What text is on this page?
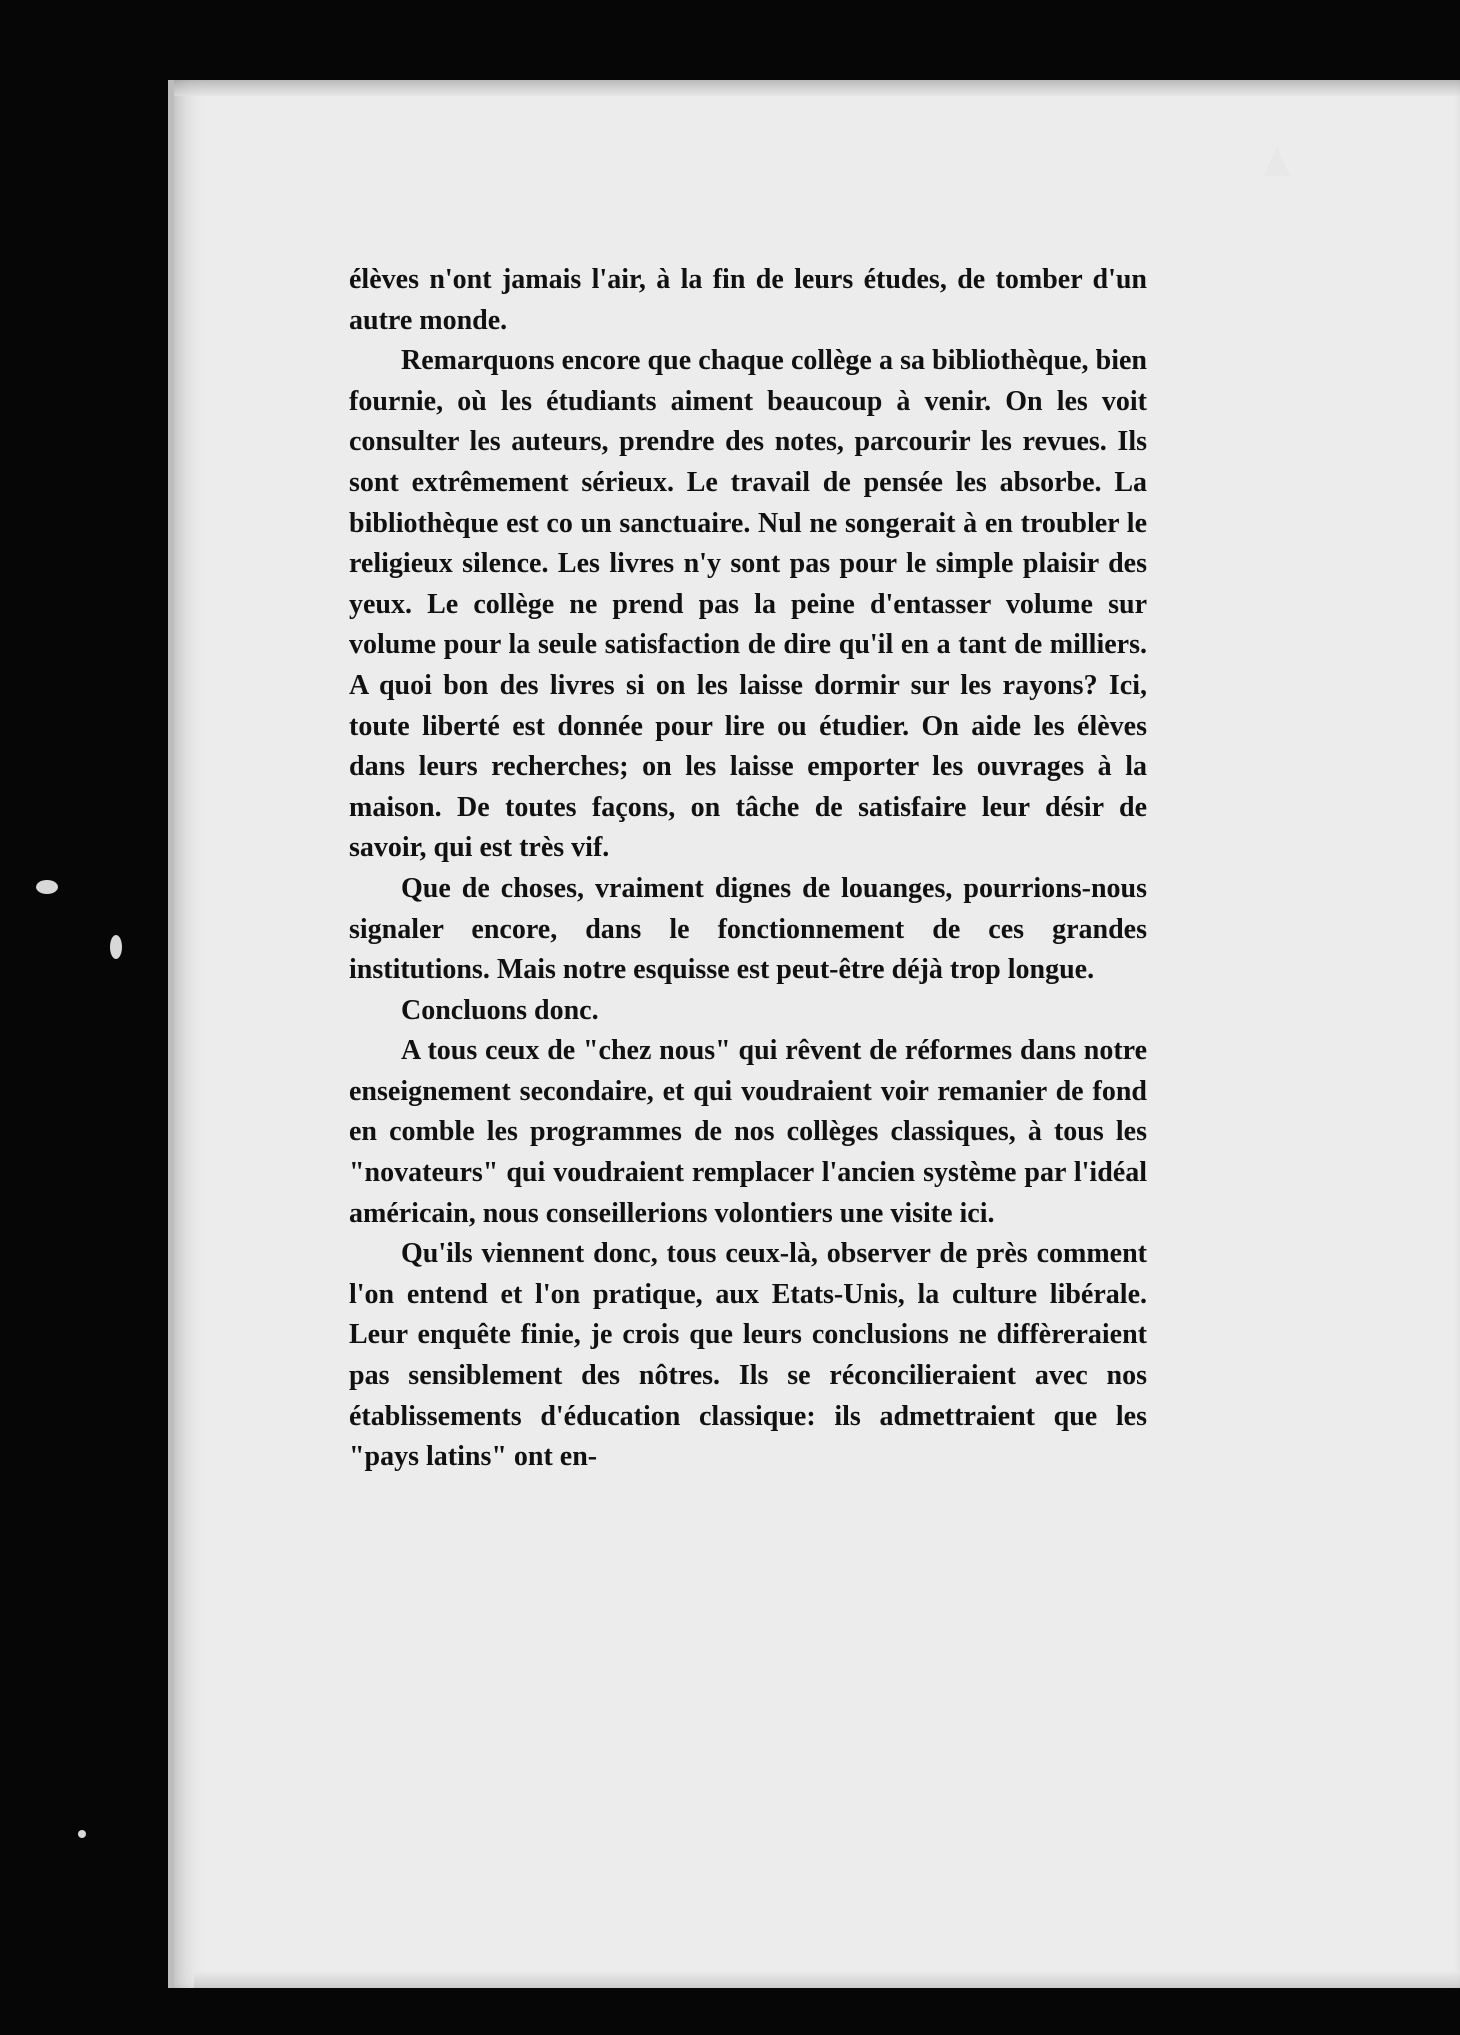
élèves n'ont jamais l'air, à la fin de leurs études, de tomber d'un autre monde.

Remarquons encore que chaque collège a sa bibliothèque, bien fournie, où les étudiants aiment beaucoup à venir. On les voit consulter les auteurs, prendre des notes, parcourir les revues. Ils sont extrêmement sérieux. Le travail de pensée les absorbe. La bibliothèque est co un sanctuaire. Nul ne songerait à en troubler le religieux silence. Les livres n'y sont pas pour le simple plaisir des yeux. Le collège ne prend pas la peine d'entasser volume sur volume pour la seule satisfaction de dire qu'il en a tant de milliers. A quoi bon des livres si on les laisse dormir sur les rayons? Ici, toute liberté est donnée pour lire ou étudier. On aide les élèves dans leurs recherches; on les laisse emporter les ouvrages à la maison. De toutes façons, on tâche de satisfaire leur désir de savoir, qui est très vif.

Que de choses, vraiment dignes de louanges, pourrions-nous signaler encore, dans le fonctionnement de ces grandes institutions. Mais notre esquisse est peut-être déjà trop longue.

Concluons donc.

A tous ceux de "chez nous" qui rêvent de réformes dans notre enseignement secondaire, et qui voudraient voir remanier de fond en comble les programmes de nos collèges classiques, à tous les "novateurs" qui voudraient remplacer l'ancien système par l'idéal américain, nous conseillerions volontiers une visite ici.

Qu'ils viennent donc, tous ceux-là, observer de près comment l'on entend et l'on pratique, aux Etats-Unis, la culture libérale. Leur enquête finie, je crois que leurs conclusions ne diffèreraient pas sensiblement des nôtres. Ils se réconcilieraient avec nos établissements d'éducation classique: ils admettraient que les "pays latins" ont en-
